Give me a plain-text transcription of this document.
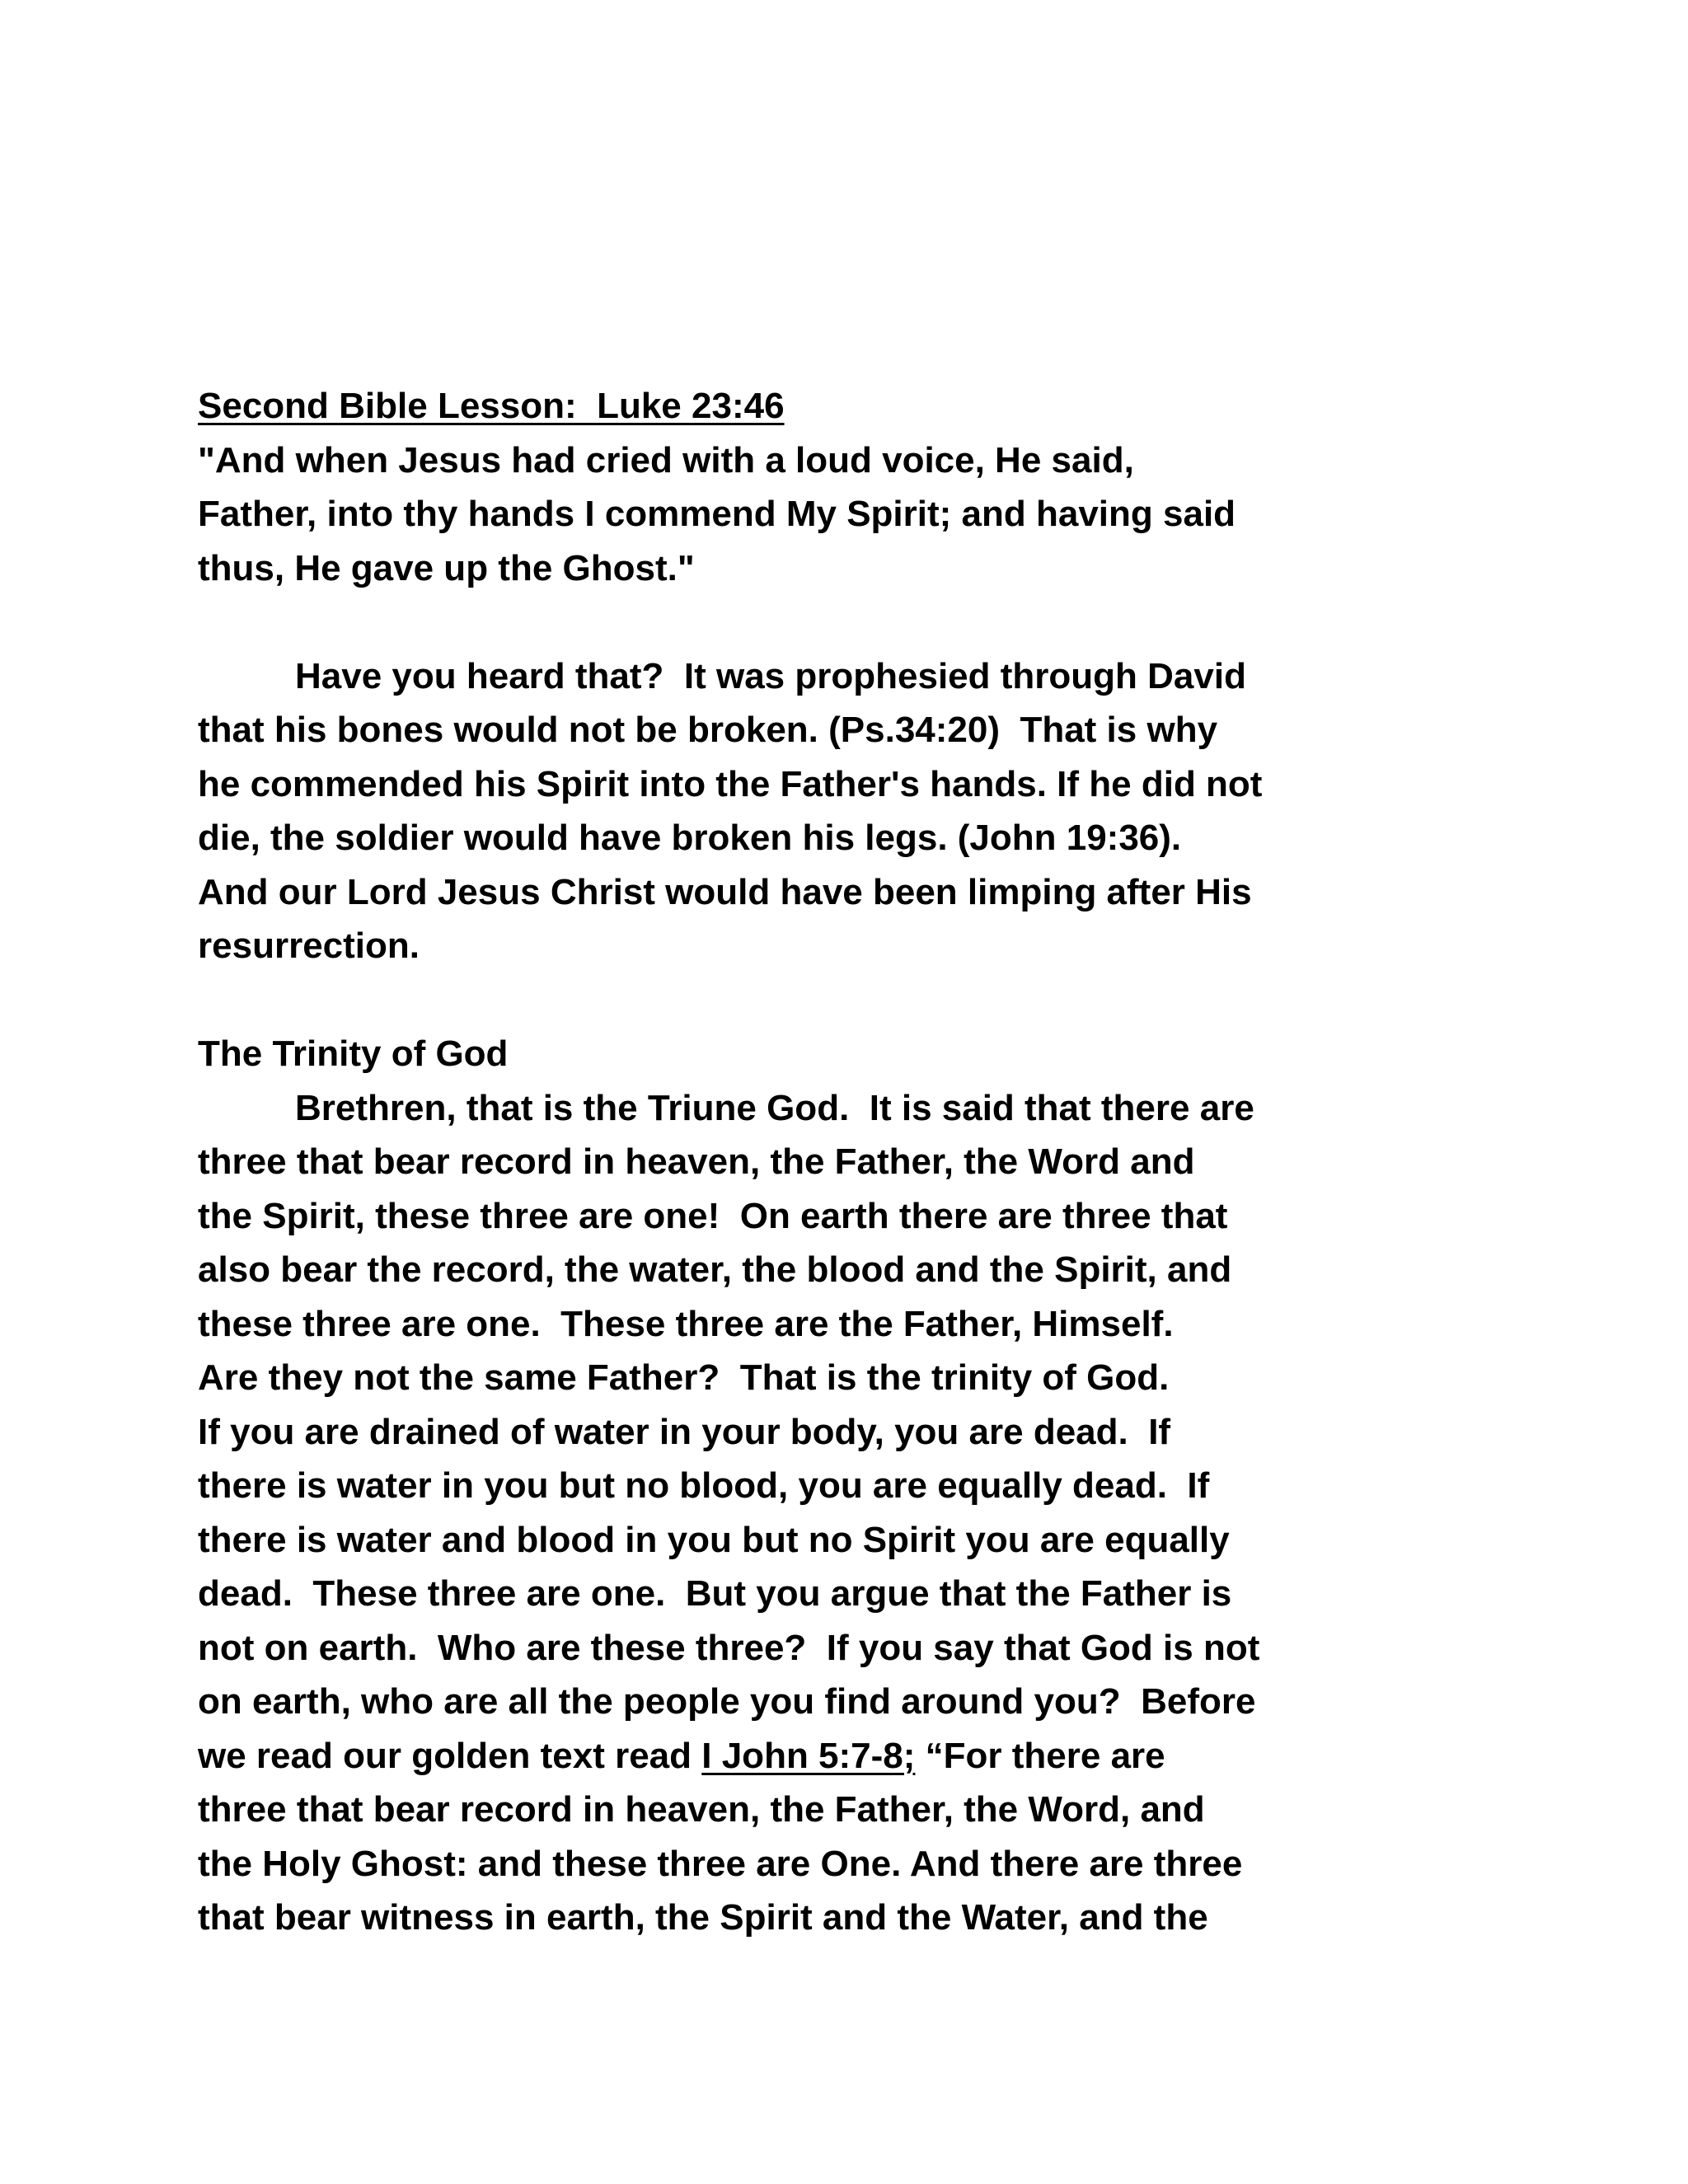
Second Bible Lesson:  Luke 23:46
"And when Jesus had cried with a loud voice, He said,
Father, into thy hands I commend My Spirit; and having said
thus, He gave up the Ghost."
Have you heard that?  It was prophesied through David
that his bones would not be broken. (Ps.34:20)  That is why
he commended his Spirit into the Father's hands. If he did not
die, the soldier would have broken his legs. (John 19:36).
And our Lord Jesus Christ would have been limping after His
resurrection.
The Trinity of God
Brethren, that is the Triune God.  It is said that there are
three that bear record in heaven, the Father, the Word and
the Spirit, these three are one!  On earth there are three that
also bear the record, the water, the blood and the Spirit, and
these three are one.  These three are the Father, Himself.
Are they not the same Father?  That is the trinity of God.
If you are drained of water in your body, you are dead.  If
there is water in you but no blood, you are equally dead.  If
there is water and blood in you but no Spirit you are equally
dead.  These three are one.  But you argue that the Father is
not on earth.  Who are these three?  If you say that God is not
on earth, who are all the people you find around you?  Before
we read our golden text read I John 5:7-8; “For there are
three that bear record in heaven, the Father, the Word, and
the Holy Ghost: and these three are One. And there are three
that bear witness in earth, the Spirit and the Water, and the
